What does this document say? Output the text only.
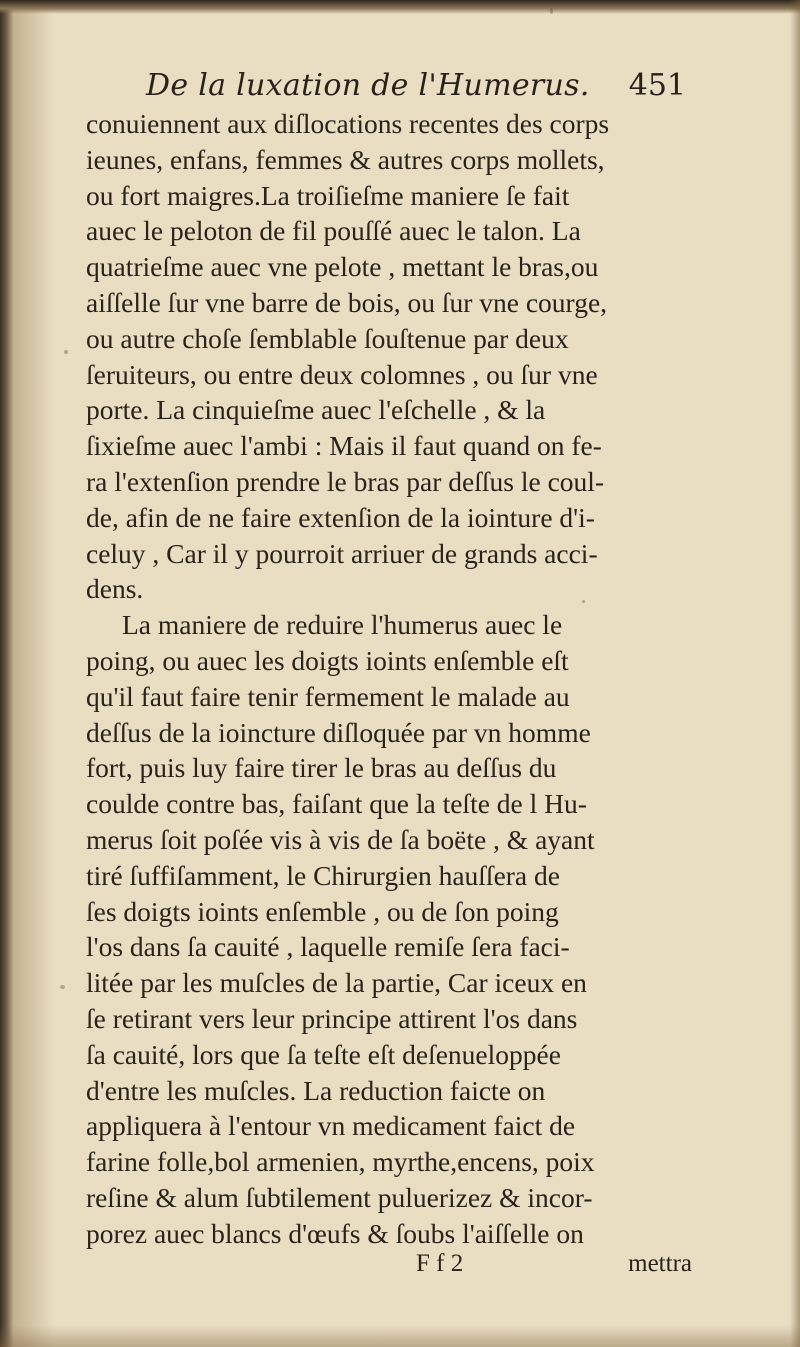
De la luxation de l'Humerus. 451
conuiennent aux diſlocations recentes des corps
ieunes, enfans, femmes & autres corps mollets,
ou fort maigres.La troiſieſme maniere ſe fait
auec le peloton de fil pouſſé auec le talon. La
quatrieſme auec vne pelote , mettant le bras,ou
aiſſelle ſur vne barre de bois, ou ſur vne courge,
ou autre choſe ſemblable ſouſtenue par deux
ſeruiteurs, ou entre deux colomnes , ou ſur vne
porte. La cinquieſme auec l'eſchelle , & la
ſixieſme auec l'ambi : Mais il faut quand on fe-
ra l'extenſion prendre le bras par deſſus le coul-
de, afin de ne faire extenſion de la iointure d'i-
celuy , Car il y pourroit arriuer de grands acci-
dens.
La maniere de reduire l'humerus auec le
poing, ou auec les doigts ioints enſemble eſt
qu'il faut faire tenir fermement le malade au
deſſus de la ioincture diſloquée par vn homme
fort, puis luy faire tirer le bras au deſſus du
coulde contre bas, faiſant que la teſte de l Hu-
merus ſoit poſée vis à vis de ſa boëte , & ayant
tiré ſuffiſamment, le Chirurgien hauſſera de
ſes doigts ioints enſemble , ou de ſon poing
l'os dans ſa cauité , laquelle remiſe ſera faci-
litée par les muſcles de la partie, Car iceux en
ſe retirant vers leur principe attirent l'os dans
ſa cauité, lors que ſa teſte eſt deſenueloppée
d'entre les muſcles. La reduction faicte on
appliquera à l'entour vn medicament faict de
farine folle,bol armenien, myrthe,encens, poix
reſine & alum ſubtilement puluerizez & incor-
porez auec blancs d'œufs & ſoubs l'aiſſelle on
F f 2	mettra
